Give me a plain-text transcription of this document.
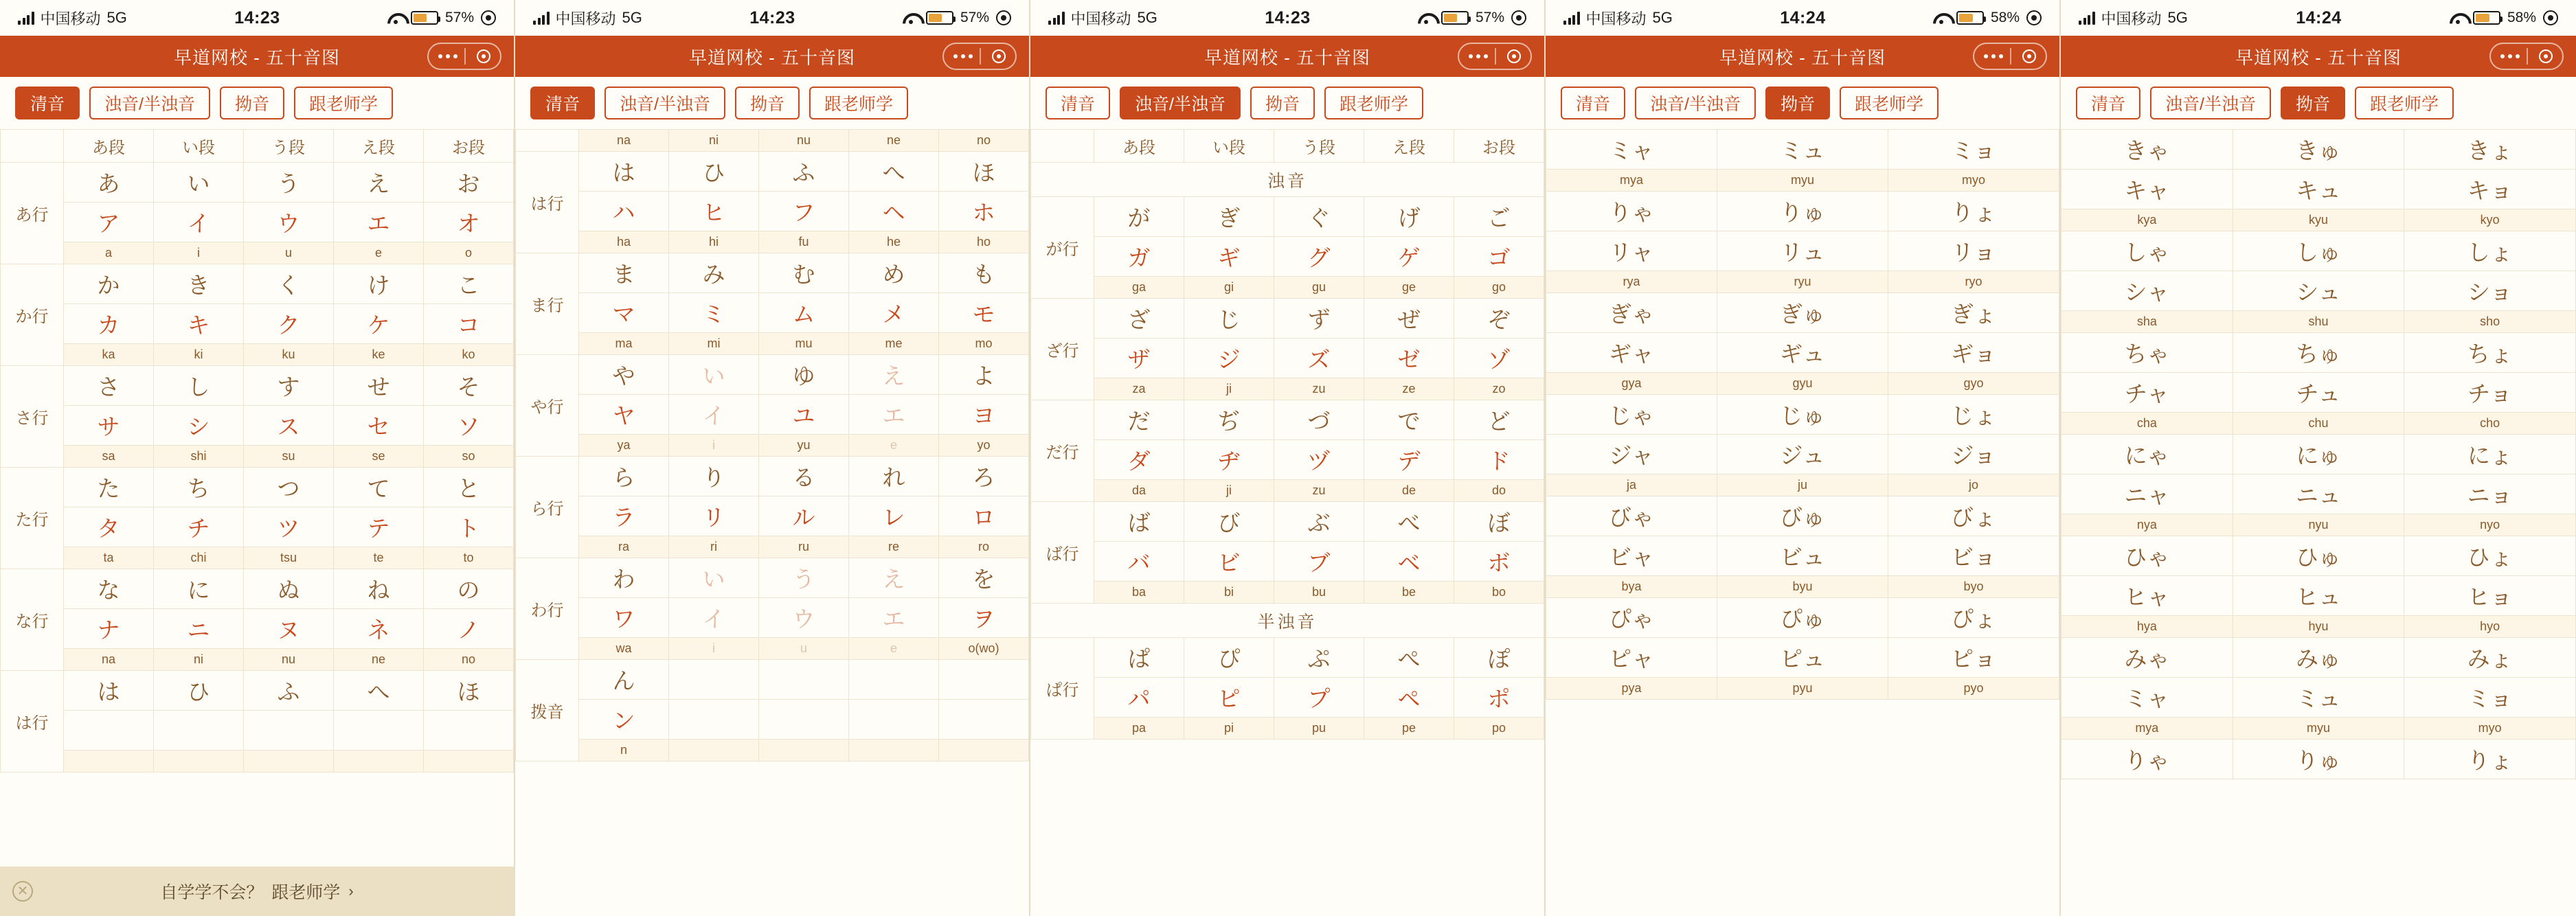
中国移动 5G	14:23	57%
早道网校 - 五十音图
清音	浊音/半浊音	拗音	跟老师学
	あ段	い段	う段	え段	お段
あ行	あ	い	う	え	お
	ア	イ	ウ	エ	オ
	a	i	u	e	o
か行	か	き	く	け	こ
	カ	キ	ク	ケ	コ
	ka	ki	ku	ke	ko
さ行	さ	し	す	せ	そ
	サ	シ	ス	セ	ソ
	sa	shi	su	se	so
た行	た	ち	つ	て	と
	タ	チ	ツ	テ	ト
	ta	chi	tsu	te	to
な行	な	に	ぬ	ね	の
	ナ	ニ	ヌ	ネ	ノ
	na	ni	nu	ne	no
は行	は	ひ	ふ	へ	ほ

✕	自学学不会？ 跟老师学 ›
中国移动 5G	14:23	57%
早道网校 - 五十音图
清音	浊音/半浊音	拗音	跟老师学
	na	ni	nu	ne	no
は行	は	ひ	ふ	へ	ほ
	ハ	ヒ	フ	ヘ	ホ
	ha	hi	fu	he	ho
ま行	ま	み	む	め	も
	マ	ミ	ム	メ	モ
	ma	mi	mu	me	mo
や行	や	い	ゆ	え	よ
	ヤ	イ	ユ	エ	ヨ
	ya	i	yu	e	yo
ら行	ら	り	る	れ	ろ
	ラ	リ	ル	レ	ロ
	ra	ri	ru	re	ro
わ行	わ	い	う	え	を
	ワ	イ	ウ	エ	ヲ
	wa	i	u	e	o(wo)
拨音	ん				
	ン				
	n				
中国移动 5G	14:23	57%
早道网校 - 五十音图
清音	浊音/半浊音	拗音	跟老师学
	あ段	い段	う段	え段	お段
浊音					
が行	が	ぎ	ぐ	げ	ご
	ガ	ギ	グ	ゲ	ゴ
	ga	gi	gu	ge	go
ざ行	ざ	じ	ず	ぜ	ぞ
	ザ	ジ	ズ	ゼ	ゾ
	za	ji	zu	ze	zo
だ行	だ	ぢ	づ	で	ど
	ダ	ヂ	ヅ	デ	ド
	da	ji	zu	de	do
ば行	ば	び	ぶ	べ	ぼ
	バ	ビ	ブ	ベ	ボ
	ba	bi	bu	be	bo
半浊音					
ぱ行	ぱ	ぴ	ぷ	ぺ	ぽ
	パ	ピ	プ	ペ	ポ
	pa	pi	pu	pe	po
中国移动 5G	14:24	58%
早道网校 - 五十音图
清音	浊音/半浊音	拗音	跟老师学
ミャ	ミュ	ミョ
mya	myu	myo
りゃ	りゅ	りょ
リャ	リュ	リョ
rya	ryu	ryo
ぎゃ	ぎゅ	ぎょ
ギャ	ギュ	ギョ
gya	gyu	gyo
じゃ	じゅ	じょ
ジャ	ジュ	ジョ
ja	ju	jo
びゃ	びゅ	びょ
ビャ	ビュ	ビョ
bya	byu	byo
ぴゃ	ぴゅ	ぴょ
ピャ	ピュ	ピョ
pya	pyu	pyo
中国移动 5G	14:24	58%
早道网校 - 五十音图
清音	浊音/半浊音	拗音	跟老师学
きゃ	きゅ	きょ
キャ	キュ	キョ
kya	kyu	kyo
しゃ	しゅ	しょ
シャ	シュ	ショ
sha	shu	sho
ちゃ	ちゅ	ちょ
チャ	チュ	チョ
cha	chu	cho
にゃ	にゅ	にょ
ニャ	ニュ	ニョ
nya	nyu	nyo
ひゃ	ひゅ	ひょ
ヒャ	ヒュ	ヒョ
hya	hyu	hyo
みゃ	みゅ	みょ
ミャ	ミュ	ミョ
mya	myu	myo
りゃ	りゅ	りょ
